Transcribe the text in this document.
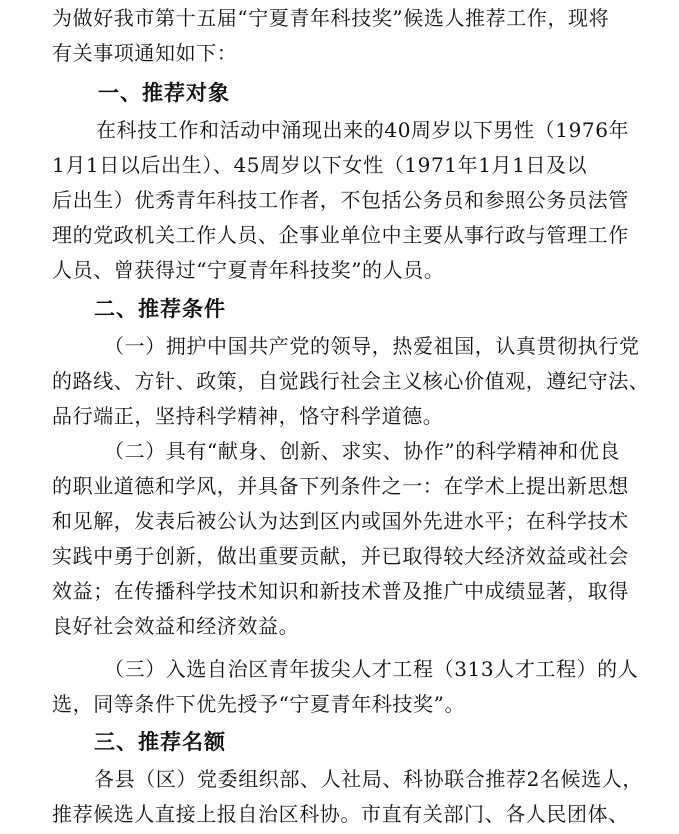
为做好我市第十五届“宁夏青年科技奖”候选人推荐工作，现将
有关事项通知如下：
一、推荐对象
在科技工作和活动中涌现出来的40周岁以下男性（1976年
1月1日以后出生）、45周岁以下女性（1971年1月1日及以
后出生）优秀青年科技工作者，不包括公务员和参照公务员法管
理的党政机关工作人员、企事业单位中主要从事行政与管理工作
人员、曾获得过“宁夏青年科技奖”的人员。
二、推荐条件
（一）拥护中国共产党的领导，热爱祖国，认真贯彻执行党
的路线、方针、政策，自觉践行社会主义核心价值观，遵纪守法、
品行端正，坚持科学精神，恪守科学道德。
（二）具有“献身、创新、求实、协作”的科学精神和优良
的职业道德和学风，并具备下列条件之一：在学术上提出新思想
和见解，发表后被公认为达到区内或国外先进水平；在科学技术
实践中勇于创新，做出重要贡献，并已取得较大经济效益或社会
效益；在传播科学技术知识和新技术普及推广中成绩显著，取得
良好社会效益和经济效益。
（三）入选自治区青年拔尖人才工程（313人才工程）的人
选，同等条件下优先授予“宁夏青年科技奖”。
三、推荐名额
各县（区）党委组织部、人社局、科协联合推荐2名候选人，
推荐候选人直接上报自治区科协。市直有关部门、各人民团体、
